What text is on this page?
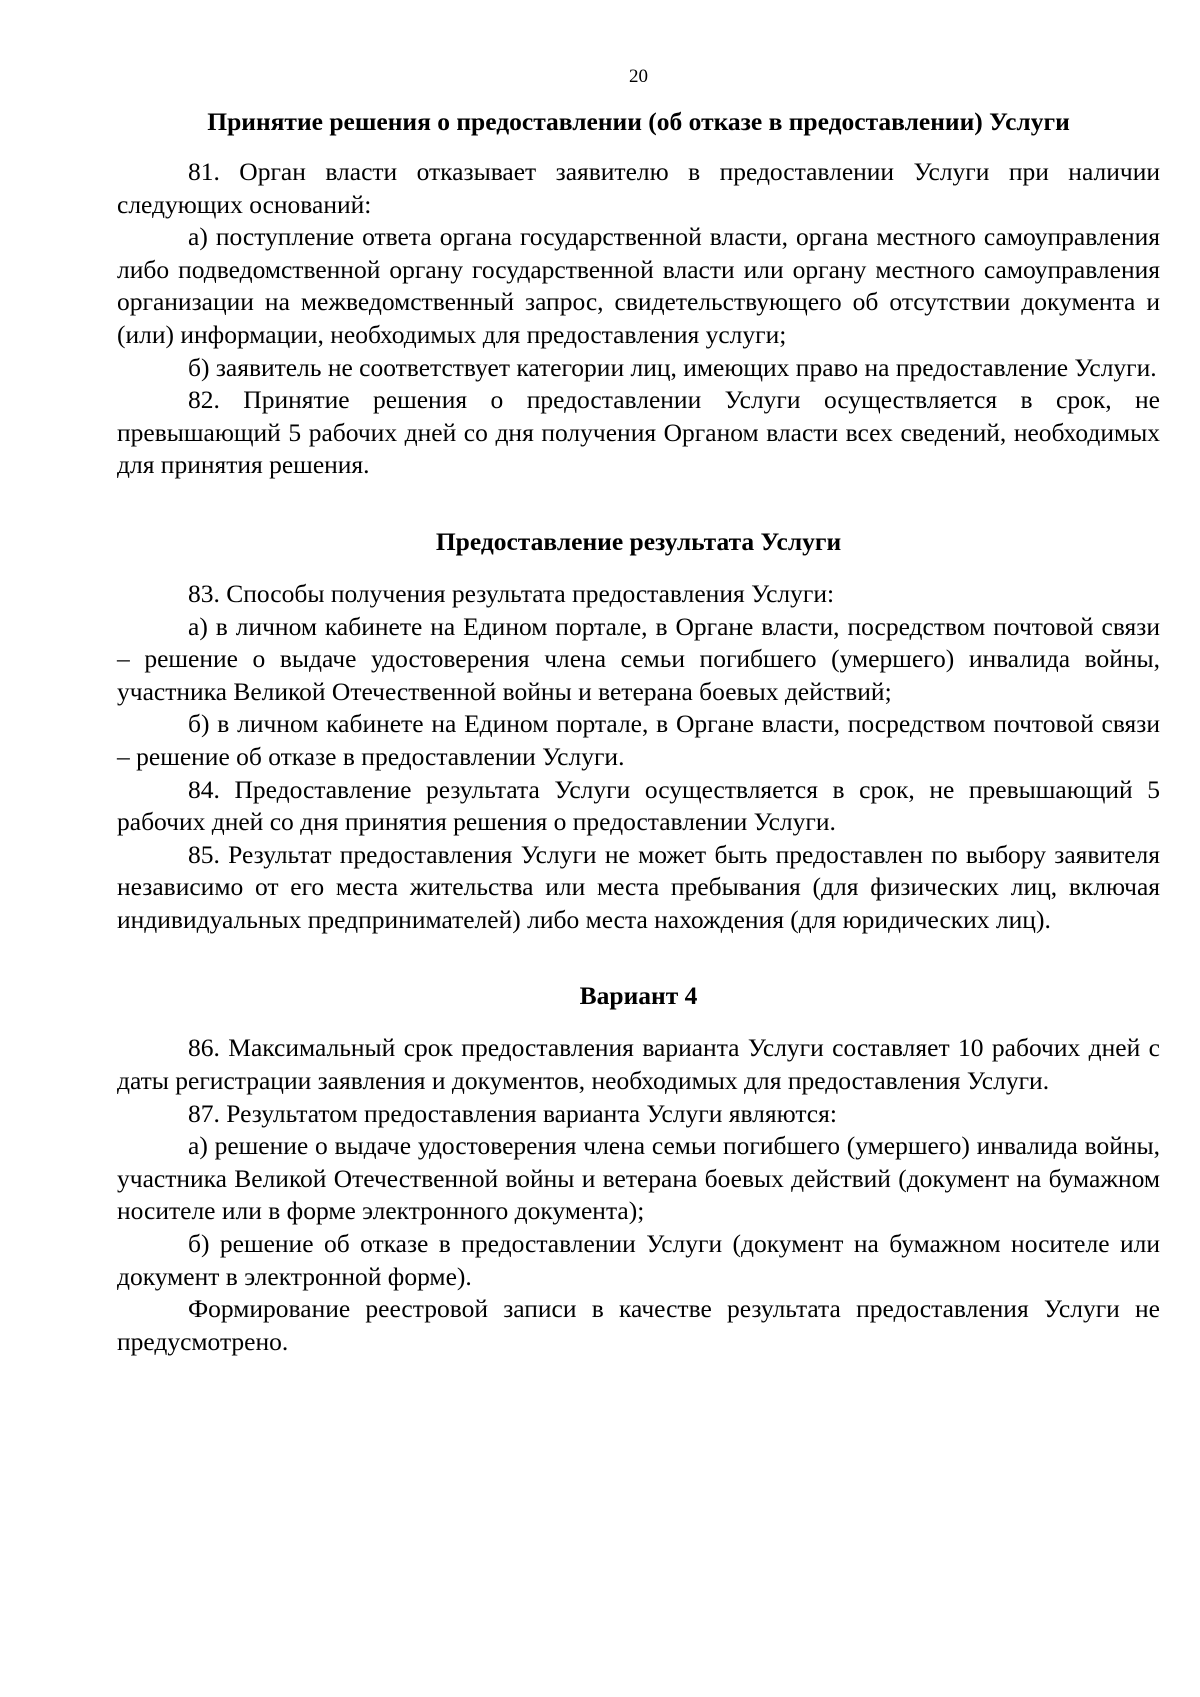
20
Принятие решения о предоставлении (об отказе в предоставлении) Услуги

81. Орган власти отказывает заявителю в предоставлении Услуги при наличии следующих оснований:

а) поступление ответа органа государственной власти, органа местного самоуправления либо подведомственной органу государственной власти или органу местного самоуправления организации на межведомственный запрос, свидетельствующего об отсутствии документа и (или) информации, необходимых для предоставления услуги;

б) заявитель не соответствует категории лиц, имеющих право на предоставление Услуги.

82. Принятие решения о предоставлении Услуги осуществляется в срок, не превышающий 5 рабочих дней со дня получения Органом власти всех сведений, необходимых для принятия решения.

Предоставление результата Услуги

83. Способы получения результата предоставления Услуги:

а) в личном кабинете на Едином портале, в Органе власти, посредством почтовой связи – решение о выдаче удостоверения члена семьи погибшего (умершего) инвалида войны, участника Великой Отечественной войны и ветерана боевых действий;

б) в личном кабинете на Едином портале, в Органе власти, посредством почтовой связи – решение об отказе в предоставлении Услуги.

84. Предоставление результата Услуги осуществляется в срок, не превышающий 5 рабочих дней со дня принятия решения о предоставлении Услуги.

85. Результат предоставления Услуги не может быть предоставлен по выбору заявителя независимо от его места жительства или места пребывания (для физических лиц, включая индивидуальных предпринимателей) либо места нахождения (для юридических лиц).

Вариант 4

86. Максимальный срок предоставления варианта Услуги составляет 10 рабочих дней с даты регистрации заявления и документов, необходимых для предоставления Услуги.

87. Результатом предоставления варианта Услуги являются:

а) решение о выдаче удостоверения члена семьи погибшего (умершего) инвалида войны, участника Великой Отечественной войны и ветерана боевых действий (документ на бумажном носителе или в форме электронного документа);

б) решение об отказе в предоставлении Услуги (документ на бумажном носителе или документ в электронной форме).

Формирование реестровой записи в качестве результата предоставления Услуги не предусмотрено.
